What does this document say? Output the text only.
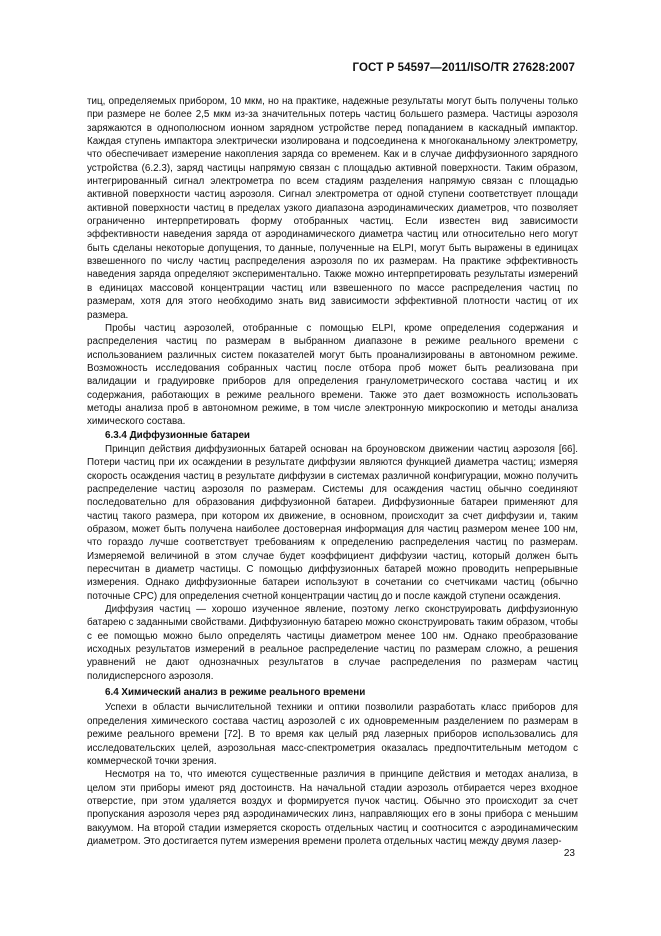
ГОСТ Р 54597—2011/ISO/TR 27628:2007

тиц, определяемых прибором, 10 мкм, но на практике, надежные результаты могут быть получены только при размере не более 2,5 мкм из-за значительных потерь частиц большего размера. Частицы аэрозоля заряжаются в однополюсном ионном зарядном устройстве перед попаданием в каскадный импактор. Каждая ступень импактора электрически изолирована и подсоединена к многоканальному электрометру, что обеспечивает измерение накопления заряда со временем. Как и в случае диффузионного зарядного устройства (6.2.3), заряд частицы напрямую связан с площадью активной поверхности. Таким образом, интегрированный сигнал электрометра по всем стадиям разделения напрямую связан с площадью активной поверхности частиц аэрозоля. Сигнал электрометра от одной ступени соответствует площади активной поверхности частиц в пределах узкого диапазона аэродинамических диаметров, что позволяет ограниченно интерпретировать форму отобранных частиц. Если известен вид зависимости эффективности наведения заряда от аэродинамического диаметра частиц или относительно него могут быть сделаны некоторые допущения, то данные, полученные на ELPI, могут быть выражены в единицах взвешенного по числу частиц распределения аэрозоля по их размерам. На практике эффективность наведения заряда определяют экспериментально. Также можно интерпретировать результаты измерений в единицах массовой концентрации частиц или взвешенного по массе распределения частиц по размерам, хотя для этого необходимо знать вид зависимости эффективной плотности частиц от их размера.

Пробы частиц аэрозолей, отобранные с помощью ELPI, кроме определения содержания и распределения частиц по размерам в выбранном диапазоне в режиме реального времени с использованием различных систем показателей могут быть проанализированы в автономном режиме. Возможность исследования собранных частиц после отбора проб может быть реализована при валидации и градуировке приборов для определения гранулометрического состава частиц и их содержания, работающих в режиме реального времени. Также это дает возможность использовать методы анализа проб в автономном режиме, в том числе электронную микроскопию и методы анализа химического состава.

6.3.4 Диффузионные батареи

Принцип действия диффузионных батарей основан на броуновском движении частиц аэрозоля [66]. Потери частиц при их осаждении в результате диффузии являются функцией диаметра частиц; измеряя скорость осаждения частиц в результате диффузии в системах различной конфигурации, можно получить распределение частиц аэрозоля по размерам. Системы для осаждения частиц обычно соединяют последовательно для образования диффузионной батареи. Диффузионные батареи применяют для частиц такого размера, при котором их движение, в основном, происходит за счет диффузии и, таким образом, может быть получена наиболее достоверная информация для частиц размером менее 100 нм, что гораздо лучше соответствует требованиям к определению распределения частиц по размерам. Измеряемой величиной в этом случае будет коэффициент диффузии частиц, который должен быть пересчитан в диаметр частицы. С помощью диффузионных батарей можно проводить непрерывные измерения. Однако диффузионные батареи используют в сочетании со счетчиками частиц (обычно поточные CPC) для определения счетной концентрации частиц до и после каждой ступени осаждения.

Диффузия частиц — хорошо изученное явление, поэтому легко сконструировать диффузионную батарею с заданными свойствами. Диффузионную батарею можно сконструировать таким образом, чтобы с ее помощью можно было определять частицы диаметром менее 100 нм. Однако преобразование исходных результатов измерений в реальное распределение частиц по размерам сложно, а решения уравнений не дают однозначных результатов в случае распределения по размерам частиц полидисперсного аэрозоля.

6.4 Химический анализ в режиме реального времени

Успехи в области вычислительной техники и оптики позволили разработать класс приборов для определения химического состава частиц аэрозолей с их одновременным разделением по размерам в режиме реального времени [72]. В то время как целый ряд лазерных приборов использовались для исследовательских целей, аэрозольная масс-спектрометрия оказалась предпочтительным методом с коммерческой точки зрения.

Несмотря на то, что имеются существенные различия в принципе действия и методах анализа, в целом эти приборы имеют ряд достоинств. На начальной стадии аэрозоль отбирается через входное отверстие, при этом удаляется воздух и формируется пучок частиц. Обычно это происходит за счет пропускания аэрозоля через ряд аэродинамических линз, направляющих его в зоны прибора с меньшим вакуумом. На второй стадии измеряется скорость отдельных частиц и соотносится с аэродинамическим диаметром. Это достигается путем измерения времени пролета отдельных частиц между двумя лазер-

23
